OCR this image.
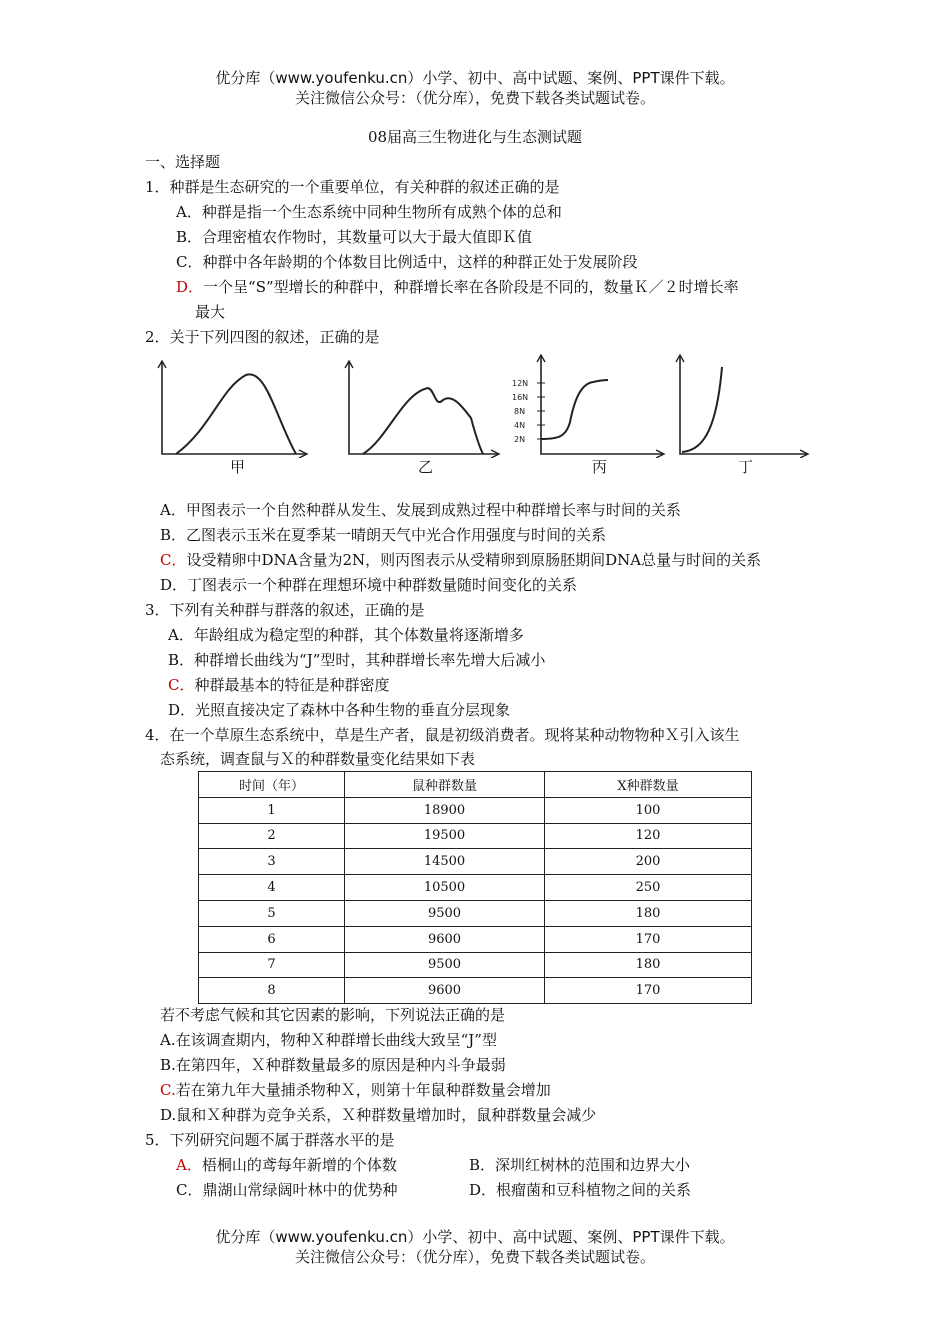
优分库（www.youfenku.cn）小学、初中、高中试题、案例、PPT课件下载。
关注微信公众号：（优分库），免费下载各类试题试卷。
08届高三生物进化与生态测试题
一、选择题
1．种群是生态研究的一个重要单位，有关种群的叙述正确的是
A．种群是指一个生态系统中同种生物所有成熟个体的总和
B．合理密植农作物时，其数量可以大于最大值即Ｋ值
C．种群中各年龄期的个体数目比例适中，这样的种群正处于发展阶段
D．一个呈“S”型增长的种群中，种群增长率在各阶段是不同的，数量Ｋ／２时增长率
最大
2．关于下列四图的叙述，正确的是
甲	乙
12N
16N
8N
4N
2N
丙	丁
A．甲图表示一个自然种群从发生、发展到成熟过程中种群增长率与时间的关系
B．乙图表示玉米在夏季某一晴朗天气中光合作用强度与时间的关系
C．设受精卵中DNA含量为2N，则丙图表示从受精卵到原肠胚期间DNA总量与时间的关系
D．丁图表示一个种群在理想环境中种群数量随时间变化的关系
3．下列有关种群与群落的叙述，正确的是
A．年龄组成为稳定型的种群，其个体数量将逐渐增多
B．种群增长曲线为“J”型时，其种群增长率先增大后减小
C．种群最基本的特征是种群密度
D．光照直接决定了森林中各种生物的垂直分层现象
4．在一个草原生态系统中，草是生产者，鼠是初级消费者。现将某种动物物种Ｘ引入该生
态系统，调查鼠与Ｘ的种群数量变化结果如下表
时间（年）	鼠种群数量	X种群数量
1	18900	100
2	19500	120
3	14500	200
4	10500	250
5	9500	180
6	9600	170
7	9500	180
8	9600	170
若不考虑气候和其它因素的影响，下列说法正确的是
A.在该调查期内，物种Ｘ种群增长曲线大致呈“J”型
B.在第四年，Ｘ种群数量最多的原因是种内斗争最弱
C.若在第九年大量捕杀物种Ｘ，则第十年鼠种群数量会增加
D.鼠和Ｘ种群为竞争关系，Ｘ种群数量增加时，鼠种群数量会减少
5．下列研究问题不属于群落水平的是
A．梧桐山的鸢每年新增的个体数	B．深圳红树林的范围和边界大小
C．鼎湖山常绿阔叶林中的优势种	D．根瘤菌和豆科植物之间的关系
优分库（www.youfenku.cn）小学、初中、高中试题、案例、PPT课件下载。
关注微信公众号：（优分库），免费下载各类试题试卷。
